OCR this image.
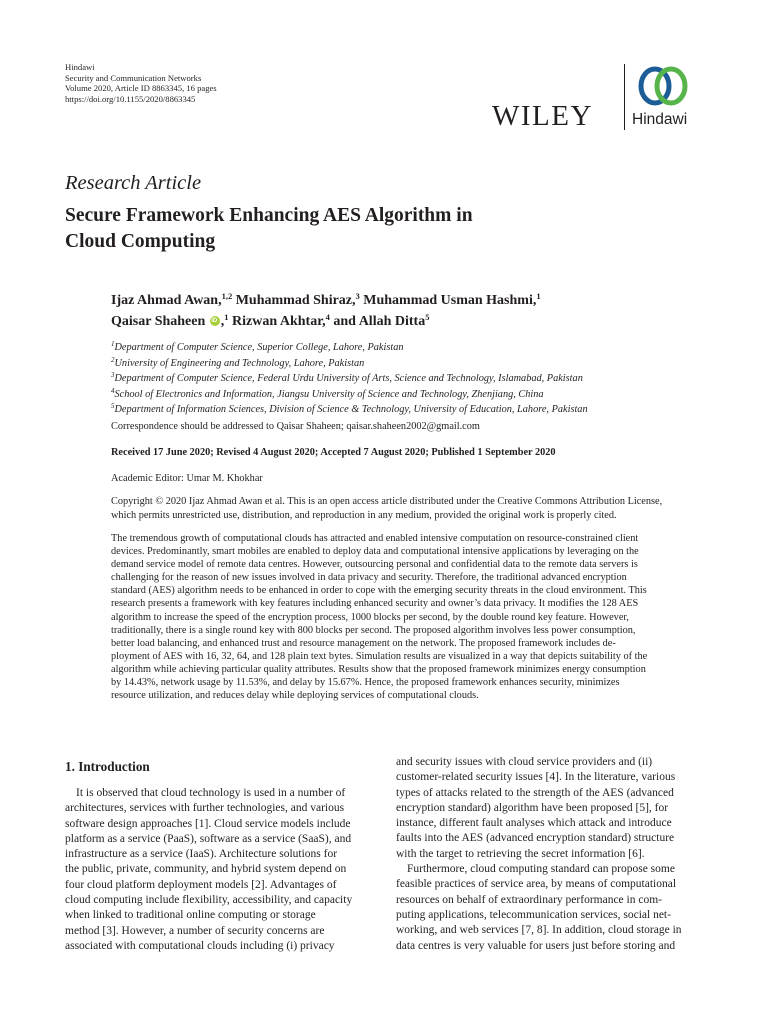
Hindawi
Security and Communication Networks
Volume 2020, Article ID 8863345, 16 pages
https://doi.org/10.1155/2020/8863345
WILEY	Hindawi
Research Article
Secure Framework Enhancing AES Algorithm in
Cloud Computing
Ijaz Ahmad Awan,$^{1,2}$ Muhammad Shiraz,$^3$ Muhammad Usman Hashmi,$^1$
Qaisar Shaheen iD ,$^1$ Rizwan Akhtar,$^4$ and Allah Ditta$^5$
$^1$Department of Computer Science, Superior College, Lahore, Pakistan
$^2$University of Engineering and Technology, Lahore, Pakistan
$^3$Department of Computer Science, Federal Urdu University of Arts, Science and Technology, Islamabad, Pakistan
$^4$School of Electronics and Information, Jiangsu University of Science and Technology, Zhenjiang, China
$^5$Department of Information Sciences, Division of Science & Technology, University of Education, Lahore, Pakistan
Correspondence should be addressed to Qaisar Shaheen; qaisar.shaheen2002@gmail.com
Received 17 June 2020; Revised 4 August 2020; Accepted 7 August 2020; Published 1 September 2020
Academic Editor: Umar M. Khokhar
Copyright © 2020 Ijaz Ahmad Awan et al. This is an open access article distributed under the Creative Commons Attribution License,
which permits unrestricted use, distribution, and reproduction in any medium, provided the original work is properly cited.
The tremendous growth of computational clouds has attracted and enabled intensive computation on resource-constrained client
devices. Predominantly, smart mobiles are enabled to deploy data and computational intensive applications by leveraging on the
demand service model of remote data centres. However, outsourcing personal and confidential data to the remote data servers is
challenging for the reason of new issues involved in data privacy and security. Therefore, the traditional advanced encryption
standard (AES) algorithm needs to be enhanced in order to cope with the emerging security threats in the cloud environment. This
research presents a framework with key features including enhanced security and owner’s data privacy. It modifies the 128 AES
algorithm to increase the speed of the encryption process, 1000 blocks per second, by the double round key feature. However,
traditionally, there is a single round key with 800 blocks per second. The proposed algorithm involves less power consumption,
better load balancing, and enhanced trust and resource management on the network. The proposed framework includes de-
ployment of AES with 16, 32, 64, and 128 plain text bytes. Simulation results are visualized in a way that depicts suitability of the
algorithm while achieving particular quality attributes. Results show that the proposed framework minimizes energy consumption
by 14.43%, network usage by 11.53%, and delay by 15.67%. Hence, the proposed framework enhances security, minimizes
resource utilization, and reduces delay while deploying services of computational clouds.
1. Introduction
It is observed that cloud technology is used in a number of
architectures, services with further technologies, and various
software design approaches [1]. Cloud service models include
platform as a service (PaaS), software as a service (SaaS), and
infrastructure as a service (IaaS). Architecture solutions for
the public, private, community, and hybrid system depend on
four cloud platform deployment models [2]. Advantages of
cloud computing include flexibility, accessibility, and capacity
when linked to traditional online computing or storage
method [3]. However, a number of security concerns are
associated with computational clouds including (i) privacy
and security issues with cloud service providers and (ii)
customer-related security issues [4]. In the literature, various
types of attacks related to the strength of the AES (advanced
encryption standard) algorithm have been proposed [5], for
instance, different fault analyses which attack and introduce
faults into the AES (advanced encryption standard) structure
with the target to retrieving the secret information [6].
Furthermore, cloud computing standard can propose some
feasible practices of service area, by means of computational
resources on behalf of extraordinary performance in com-
puting applications, telecommunication services, social net-
working, and web services [7, 8]. In addition, cloud storage in
data centres is very valuable for users just before storing and
